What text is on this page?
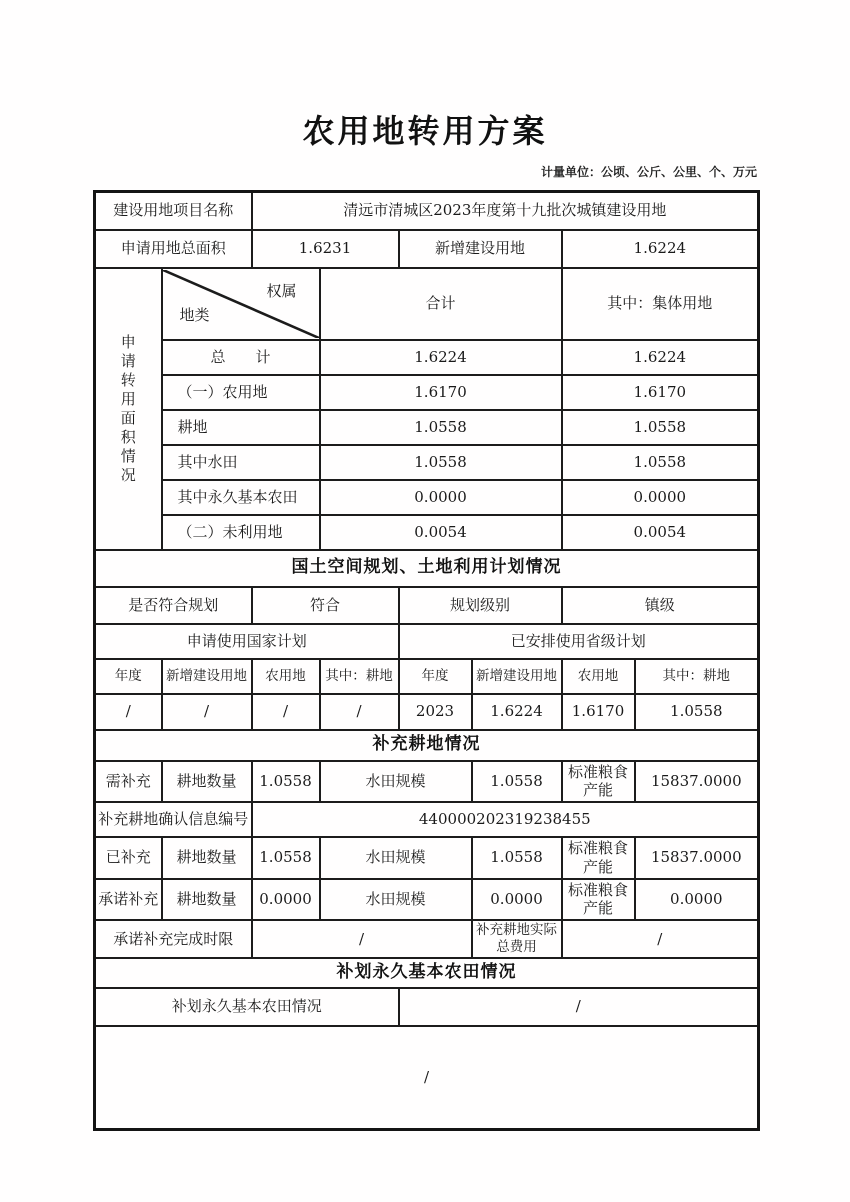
农用地转用方案
计量单位：公顷、公斤、公里、个、万元
建设用地项目名称		清远市清城区2023年度第十九批次城镇建设用地					
申请用地总面积		1.6231		新增建设用地		1.6224	

申请转用面积情况	权属
地类		合计			其中：集体用地	
	总　　计		1.6224			1.6224	
	（一）农用地		1.6170			1.6170	
	耕地		1.0558			1.0558	
	其中水田		1.0558			1.0558	
	其中永久基本农田		0.0000			0.0000	
	（二）未利用地		0.0054			0.0054	
国土空间规划、土地利用计划情况							
是否符合规划		符合		规划级别		镇级	
申请使用国家计划				已安排使用省级计划			
年度	新增建设用地	农用地	其中：耕地	年度	新增建设用地	农用地	其中：耕地
/	/	/	/	2023	1.6224	1.6170	1.0558
补充耕地情况							
需补充	耕地数量	1.0558	水田规模		1.0558	标准粮食产能	15837.0000
补充耕地确认信息编号		440000202319238455					
已补充	耕地数量	1.0558	水田规模		1.0558	标准粮食产能	15837.0000
承诺补充	耕地数量	0.0000	水田规模		0.0000	标准粮食产能	0.0000
承诺补充完成时限		/			补充耕地实际总费用	/	
补划永久基本农田情况							
补划永久基本农田情况				/			
/							
